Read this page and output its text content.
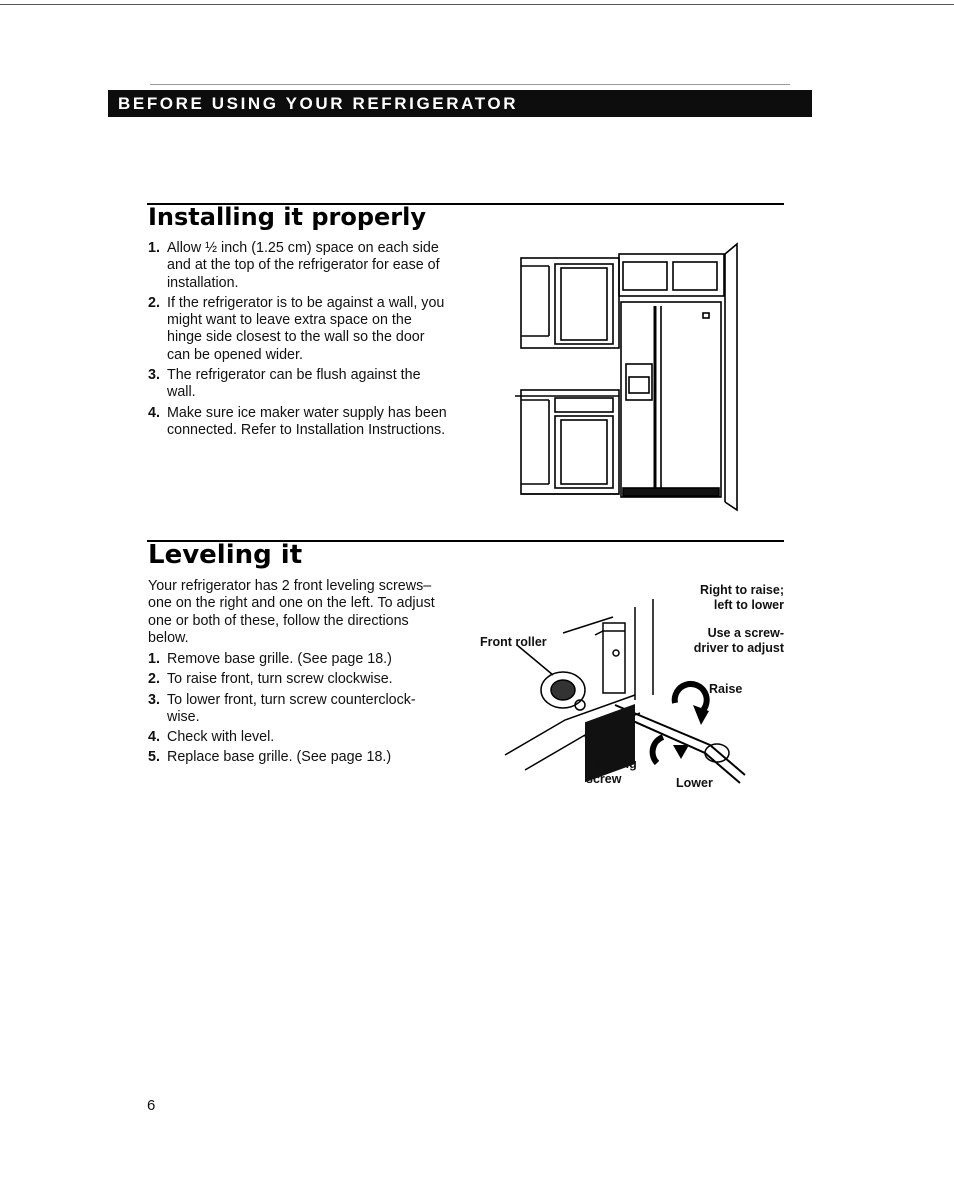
BEFORE USING YOUR REFRIGERATOR
Installing it properly
1. Allow ½ inch (1.25 cm) space on each side and at the top of the refrigerator for ease of installation.
2. If the refrigerator is to be against a wall, you might want to leave extra space on the hinge side closest to the wall so the door can be opened wider.
3. The refrigerator can be flush against the wall.
4. Make sure ice maker water supply has been connected. Refer to Installation Instructions.
Leveling it

Your refrigerator has 2 front leveling screws–one on the right and one on the left. To adjust one or both of these, follow the directions below.

1. Remove base grille. (See page 18.)
2. To raise front, turn screw clockwise.
3. To lower front, turn screw counterclock-wise.
4. Check with level.
5. Replace base grille. (See page 18.)
Front roller
Right to raise; left to lower
Use a screw-driver to adjust
Raise
Leveling screw	Lower
6
